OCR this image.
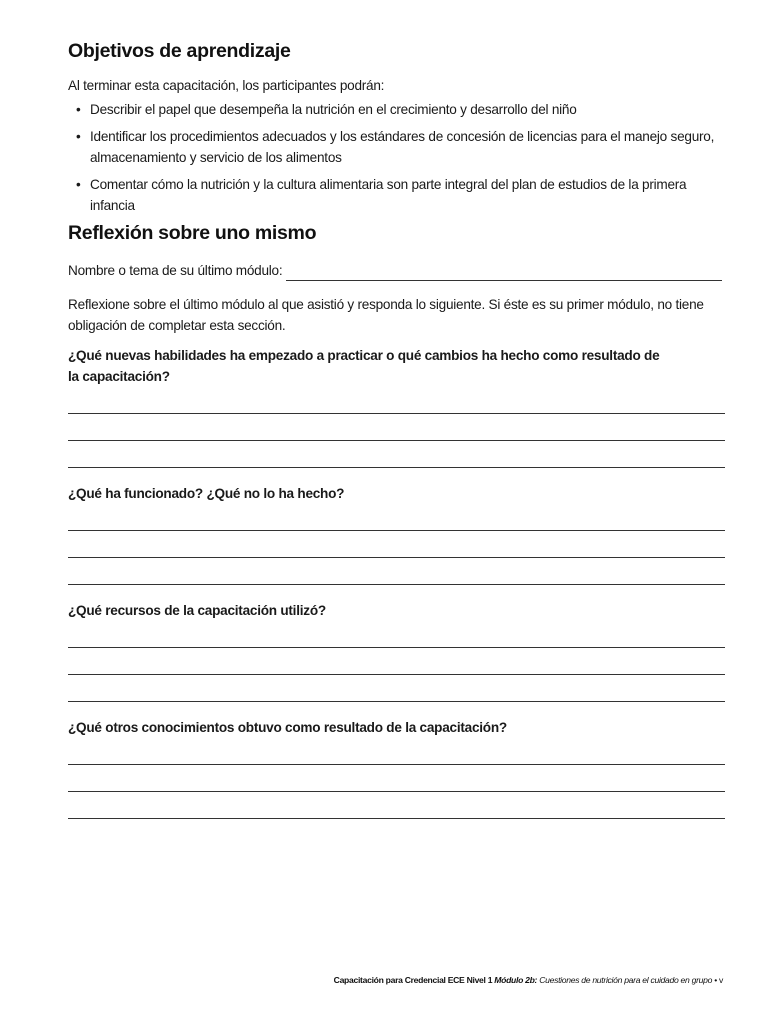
Objetivos de aprendizaje
Al terminar esta capacitación, los participantes podrán:
• Describir el papel que desempeña la nutrición en el crecimiento y desarrollo del niño
• Identificar los procedimientos adecuados y los estándares de concesión de licencias para el manejo seguro, almacenamiento y servicio de los alimentos
• Comentar cómo la nutrición y la cultura alimentaria son parte integral del plan de estudios de la primera infancia
Reflexión sobre uno mismo
Nombre o tema de su último módulo:
Reflexione sobre el último módulo al que asistió y responda lo siguiente. Si éste es su primer módulo, no tiene obligación de completar esta sección.
¿Qué nuevas habilidades ha empezado a practicar o qué cambios ha hecho como resultado de la capacitación?
¿Qué ha funcionado? ¿Qué no lo ha hecho?
¿Qué recursos de la capacitación utilizó?
¿Qué otros conocimientos obtuvo como resultado de la capacitación?
Capacitación para Credencial ECE Nivel 1 Módulo 2b: Cuestiones de nutrición para el cuidado en grupo • v
